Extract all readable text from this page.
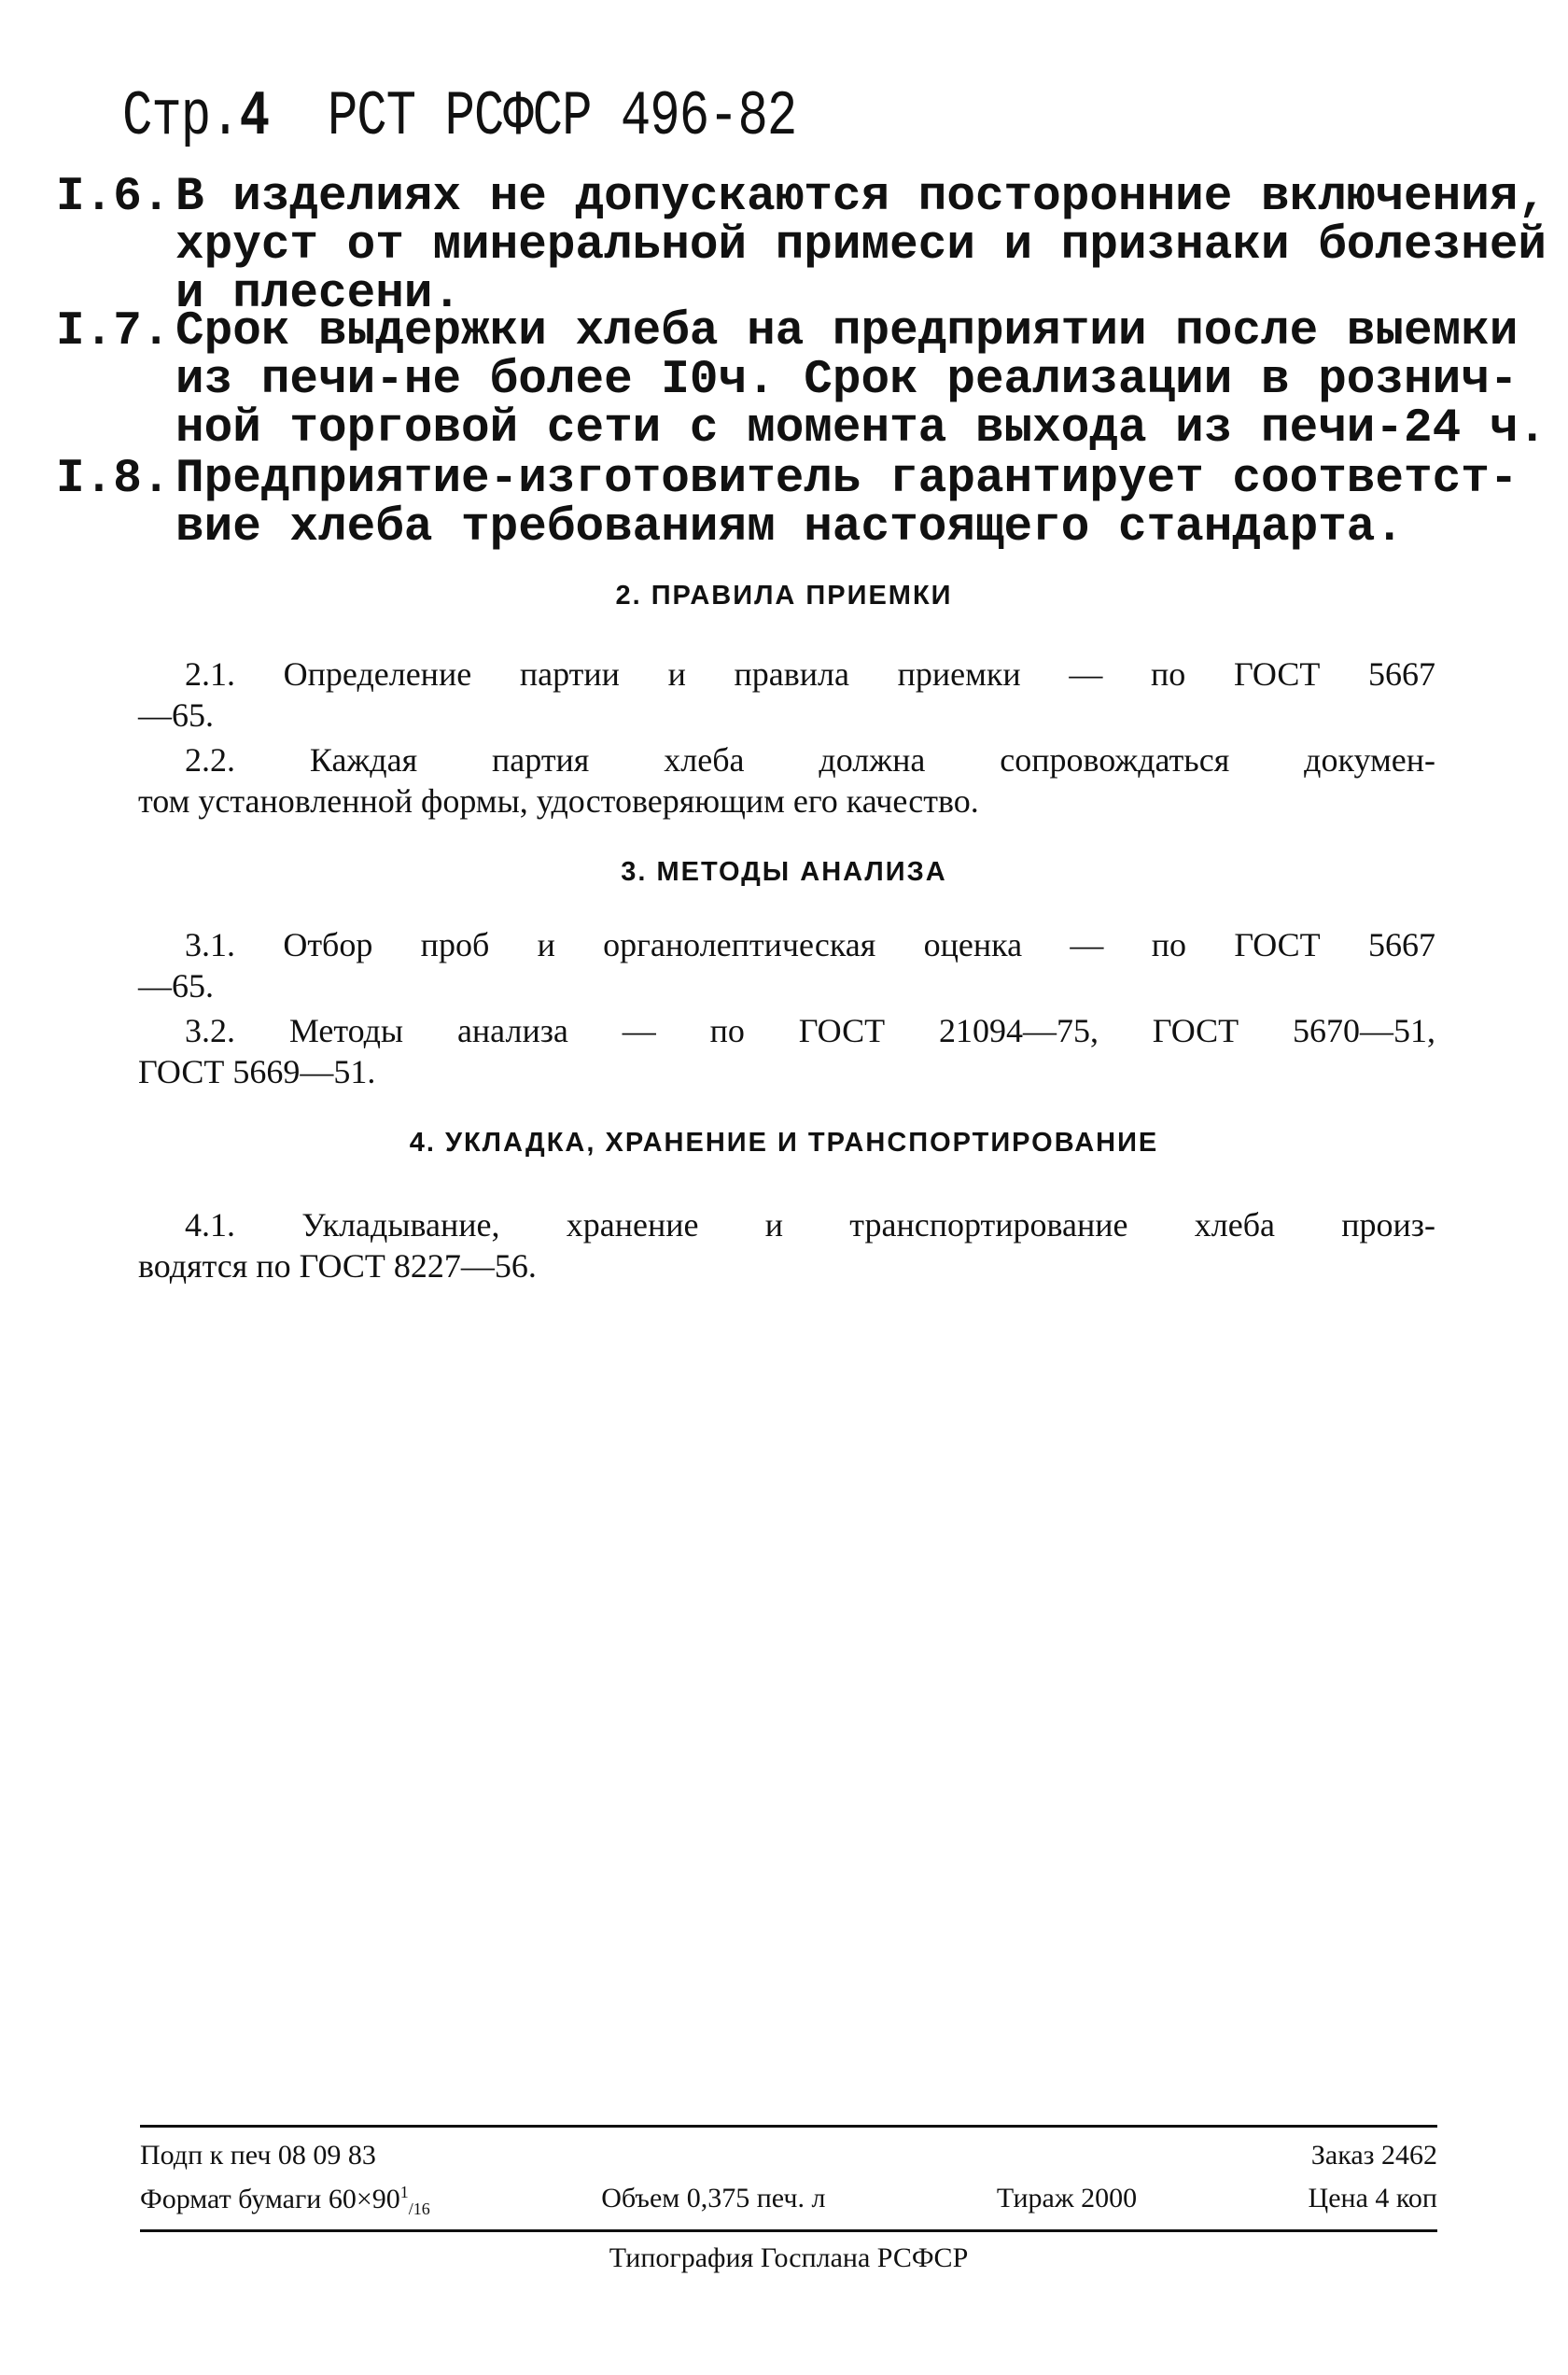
Стр.4 РСТ РСФСР 496-82
I.6. В изделиях не допускаются посторонние включения,
хруст от минеральной примеси и признаки болезней
и плесени.
I.7. Срок выдержки хлеба на предприятии после выемки
из печи-не более I0ч. Срок реализации в рознич-
ной торговой сети с момента выхода из печи-24 ч.
I.8. Предприятие-изготовитель гарантирует соответст-
вие хлеба требованиям настоящего стандарта.
2. ПРАВИЛА ПРИЕМКИ
2.1. Определение партии и правила приемки — по ГОСТ 5667
—65.
2.2. Каждая партия хлеба должна сопровождаться докумен-
том установленной формы, удостоверяющим его качество.
3. МЕТОДЫ АНАЛИЗА
3.1. Отбор проб и органолептическая оценка — по ГОСТ 5667
—65.
3.2. Методы анализа — по ГОСТ 21094—75, ГОСТ 5670—51,
ГОСТ 5669—51.
4. УКЛАДКА, ХРАНЕНИЕ И ТРАНСПОРТИРОВАНИЕ
4.1. Укладывание, хранение и транспортирование хлеба произ-
водятся по ГОСТ 8227—56.
Подп к печ 08 09 83	Заказ 2462
Формат бумаги $60\times 90^1_{/16}$	Объем 0,375 печ. л	Тираж 2000	Цена 4 коп
Типография Госплана РСФСР
